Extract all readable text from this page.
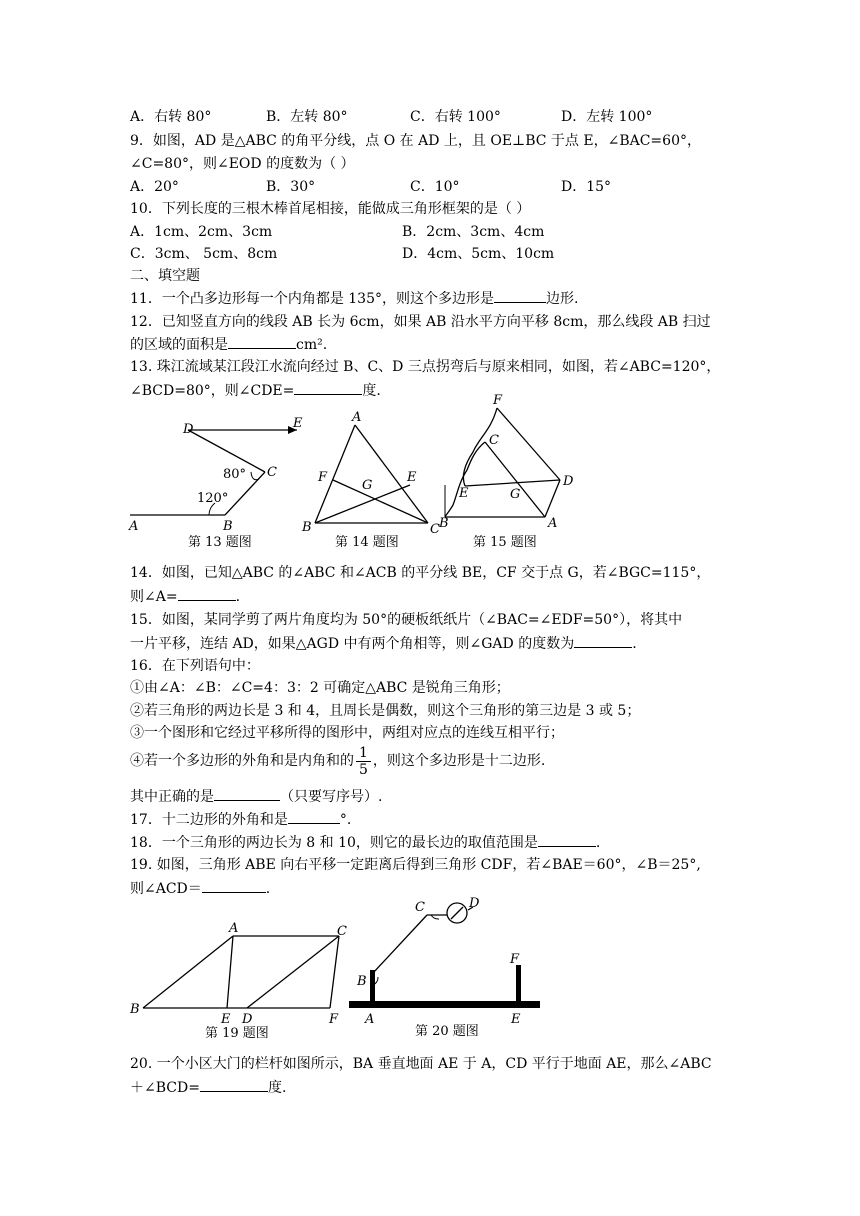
A．右转 80°	B．左转 80°	C．右转 100°	D．左转 100°
9．如图，AD 是△ABC 的角平分线，点 O 在 AD 上，且 OE⊥BC 于点 E，∠BAC=60°，
∠C=80°，则∠EOD 的度数为（ ）
A．20°	B．30°	C．10°	D．15°
10．下列长度的三根木棒首尾相接，能做成三角形框架的是（ ）
A．1cm、2cm、3cm	B．2cm、3cm、4cm
C．3cm、 5cm、8cm	D．4cm、5cm、10cm
二、填空题
11．一个凸多边形每一个内角都是 135°，则这个多边形是	边形.
12．已知竖直方向的线段 AB 长为 6cm，如果 AB 沿水平方向平移 8cm，那么线段 AB 扫过
的区域的面积是	cm².
13. 珠江流域某江段江水流向经过 B、C、D 三点拐弯后与原来相同，如图，若∠ABC=120°，
∠BCD=80°，则∠CDE=	度.
D	E
C
A	B
80°
120°
第 13 题图
A
F
G
E
B	C
第 14 题图
F
C
D
E	G
B	A
第 15 题图
14．如图，已知△ABC 的∠ABC 和∠ACB 的平分线 BE，CF 交于点 G，若∠BGC=115°，
则∠A=	.
15．如图，某同学剪了两片角度均为 50°的硬板纸纸片（∠BAC=∠EDF=50°），将其中
一片平移，连结 AD，如果△AGD 中有两个角相等，则∠GAD 的度数为	.
16．在下列语句中：
①由∠A：∠B：∠C=4：3：2 可确定△ABC 是锐角三角形；
②若三角形的两边长是 3 和 4，且周长是偶数，则这个三角形的第三边是 3 或 5；
③一个图形和它经过平移所得的图形中，两组对应点的连线互相平行；
④若一个多边形的外角和是内角和的 $\frac{1}{5}$ ，则这个多边形是十二边形.
其中正确的是	（只要写序号）.
17．十二边形的外角和是	°.
18．一个三角形的两边长为 8 和 10，则它的最长边的取值范围是	.
19. 如图，三角形 ABE 向右平移一定距离后得到三角形 CDF，若∠BAE＝60°，∠B＝25°,
则∠ACD＝	.
A	C
B
E D	F
第 19 题图
C	D
B
F
A	E
第 20 题图
20. 一个小区大门的栏杆如图所示，BA 垂直地面 AE 于 A，CD 平行于地面 AE，那么∠ABC
＋∠BCD=	度.
